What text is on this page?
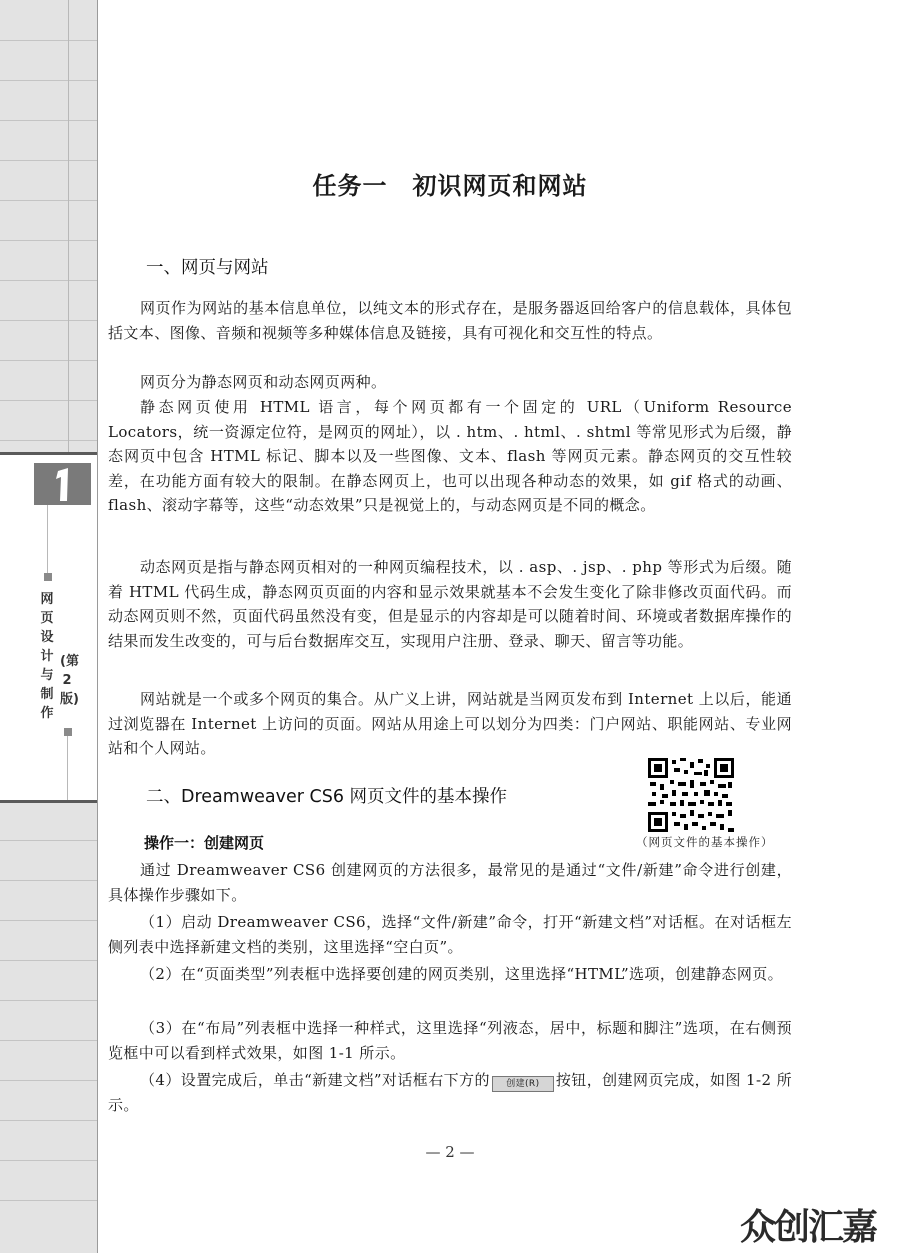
网页设计与制作
(第2版)
任务一　初识网页和网站
一、网页与网站

网页作为网站的基本信息单位，以纯文本的形式存在，是服务器返回给客户的信息载体，具体包括文本、图像、音频和视频等多种媒体信息及链接，具有可视化和交互性的特点。

网页分为静态网页和动态网页两种。

静态网页使用 HTML 语言，每个网页都有一个固定的 URL（Uniform Resource Locators，统一资源定位符，是网页的网址），以 . htm、. html、. shtml 等常见形式为后缀，静态网页中包含 HTML 标记、脚本以及一些图像、文本、flash 等网页元素。静态网页的交互性较差，在功能方面有较大的限制。在静态网页上，也可以出现各种动态的效果，如 gif 格式的动画、flash、滚动字幕等，这些“动态效果”只是视觉上的，与动态网页是不同的概念。

动态网页是指与静态网页相对的一种网页编程技术，以 . asp、. jsp、. php 等形式为后缀。随着 HTML 代码生成，静态网页页面的内容和显示效果就基本不会发生变化了除非修改页面代码。而动态网页则不然，页面代码虽然没有变，但是显示的内容却是可以随着时间、环境或者数据库操作的结果而发生改变的，可与后台数据库交互，实现用户注册、登录、聊天、留言等功能。

网站就是一个或多个网页的集合。从广义上讲，网站就是当网页发布到 Internet 上以后，能通过浏览器在 Internet 上访问的页面。网站从用途上可以划分为四类：门户网站、职能网站、专业网站和个人网站。

二、Dreamweaver CS6 网页文件的基本操作
操作一：创建网页	（网页文件的基本操作）

通过 Dreamweaver CS6 创建网页的方法很多，最常见的是通过“文件/新建”命令进行创建，具体操作步骤如下。

（1）启动 Dreamweaver CS6，选择“文件/新建”命令，打开“新建文档”对话框。在对话框左侧列表中选择新建文档的类别，这里选择“空白页”。

（2）在“页面类型”列表框中选择要创建的网页类别，这里选择“HTML”选项，创建静态网页。

（3）在“布局”列表框中选择一种样式，这里选择“列液态，居中，标题和脚注”选项，在右侧预览框中可以看到样式效果，如图 1-1 所示。

（4）设置完成后，单击“新建文档”对话框右下方的 创建(R) 按钮，创建网页完成，如图 1-2 所示。

— 2 —

众创汇嘉
